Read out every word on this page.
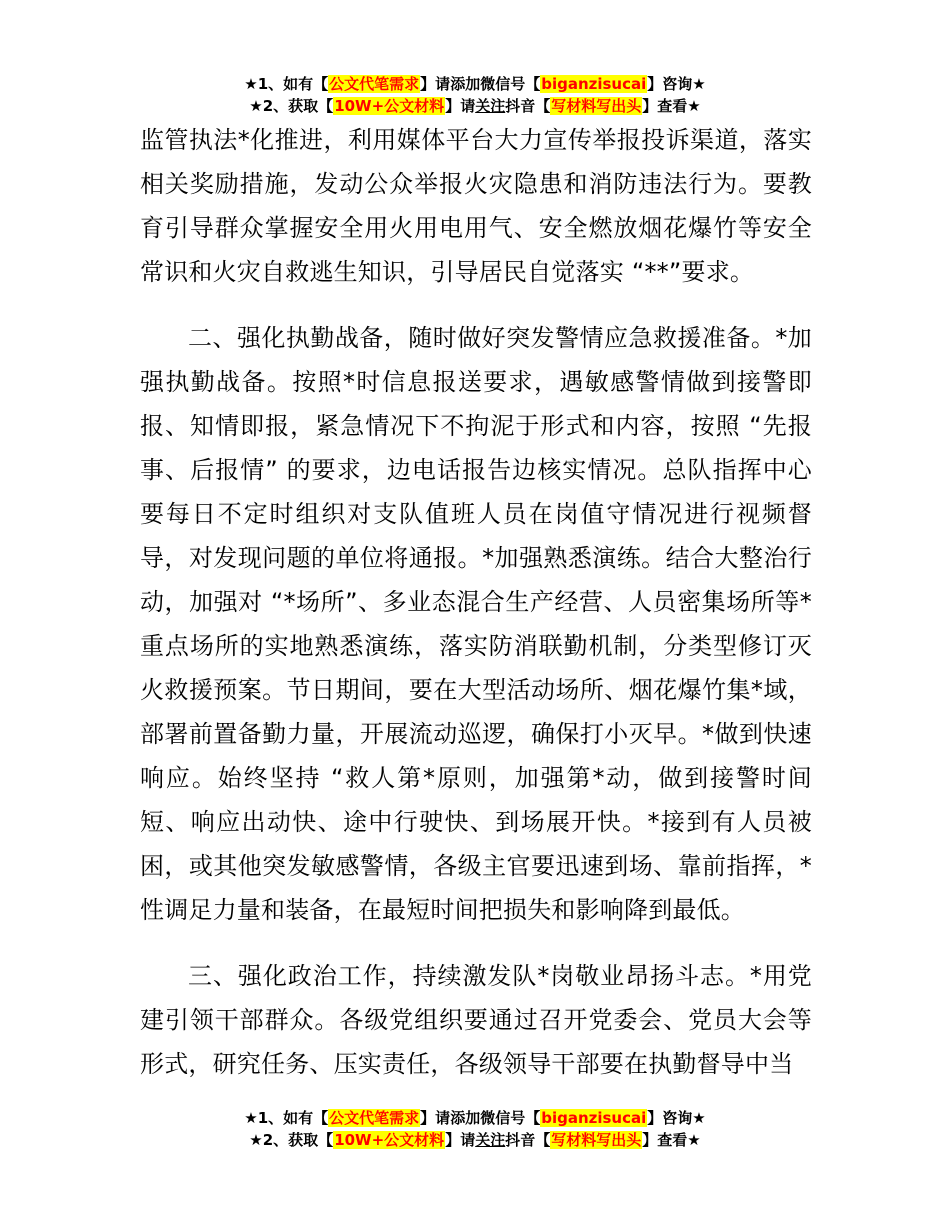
★1、如有【公文代笔需求】请添加微信号【biganzisucai】咨询★
★2、获取【10W+公文材料】请关注抖音【写材料写出头】查看★

监管执法*化推进，利用媒体平台大力宣传举报投诉渠道，落实相关奖励措施，发动公众举报火灾隐患和消防违法行为。要教育引导群众掌握安全用火用电用气、安全燃放烟花爆竹等安全常识和火灾自救逃生知识，引导居民自觉落实 “**”要求。

二、强化执勤战备，随时做好突发警情应急救援准备。*加强执勤战备。按照*时信息报送要求，遇敏感警情做到接警即报、知情即报，紧急情况下不拘泥于形式和内容，按照 “先报事、后报情” 的要求，边电话报告边核实情况。总队指挥中心要每日不定时组织对支队值班人员在岗值守情况进行视频督导，对发现问题的单位将通报。*加强熟悉演练。结合大整治行动，加强对 “*场所”、多业态混合生产经营、人员密集场所等*重点场所的实地熟悉演练，落实防消联勤机制，分类型修订灭火救援预案。节日期间，要在大型活动场所、烟花爆竹集*域，部署前置备勤力量，开展流动巡逻，确保打小灭早。*做到快速响应。始终坚持 “救人第*原则，加强第*动，做到接警时间短、响应出动快、途中行驶快、到场展开快。*接到有人员被困，或其他突发敏感警情，各级主官要迅速到场、靠前指挥，*性调足力量和装备，在最短时间把损失和影响降到最低。

三、强化政治工作，持续激发队*岗敬业昂扬斗志。*用党建引领干部群众。各级党组织要通过召开党委会、党员大会等形式，研究任务、压实责任，各级领导干部要在执勤督导中当

★1、如有【公文代笔需求】请添加微信号【biganzisucai】咨询★
★2、获取【10W+公文材料】请关注抖音【写材料写出头】查看★
